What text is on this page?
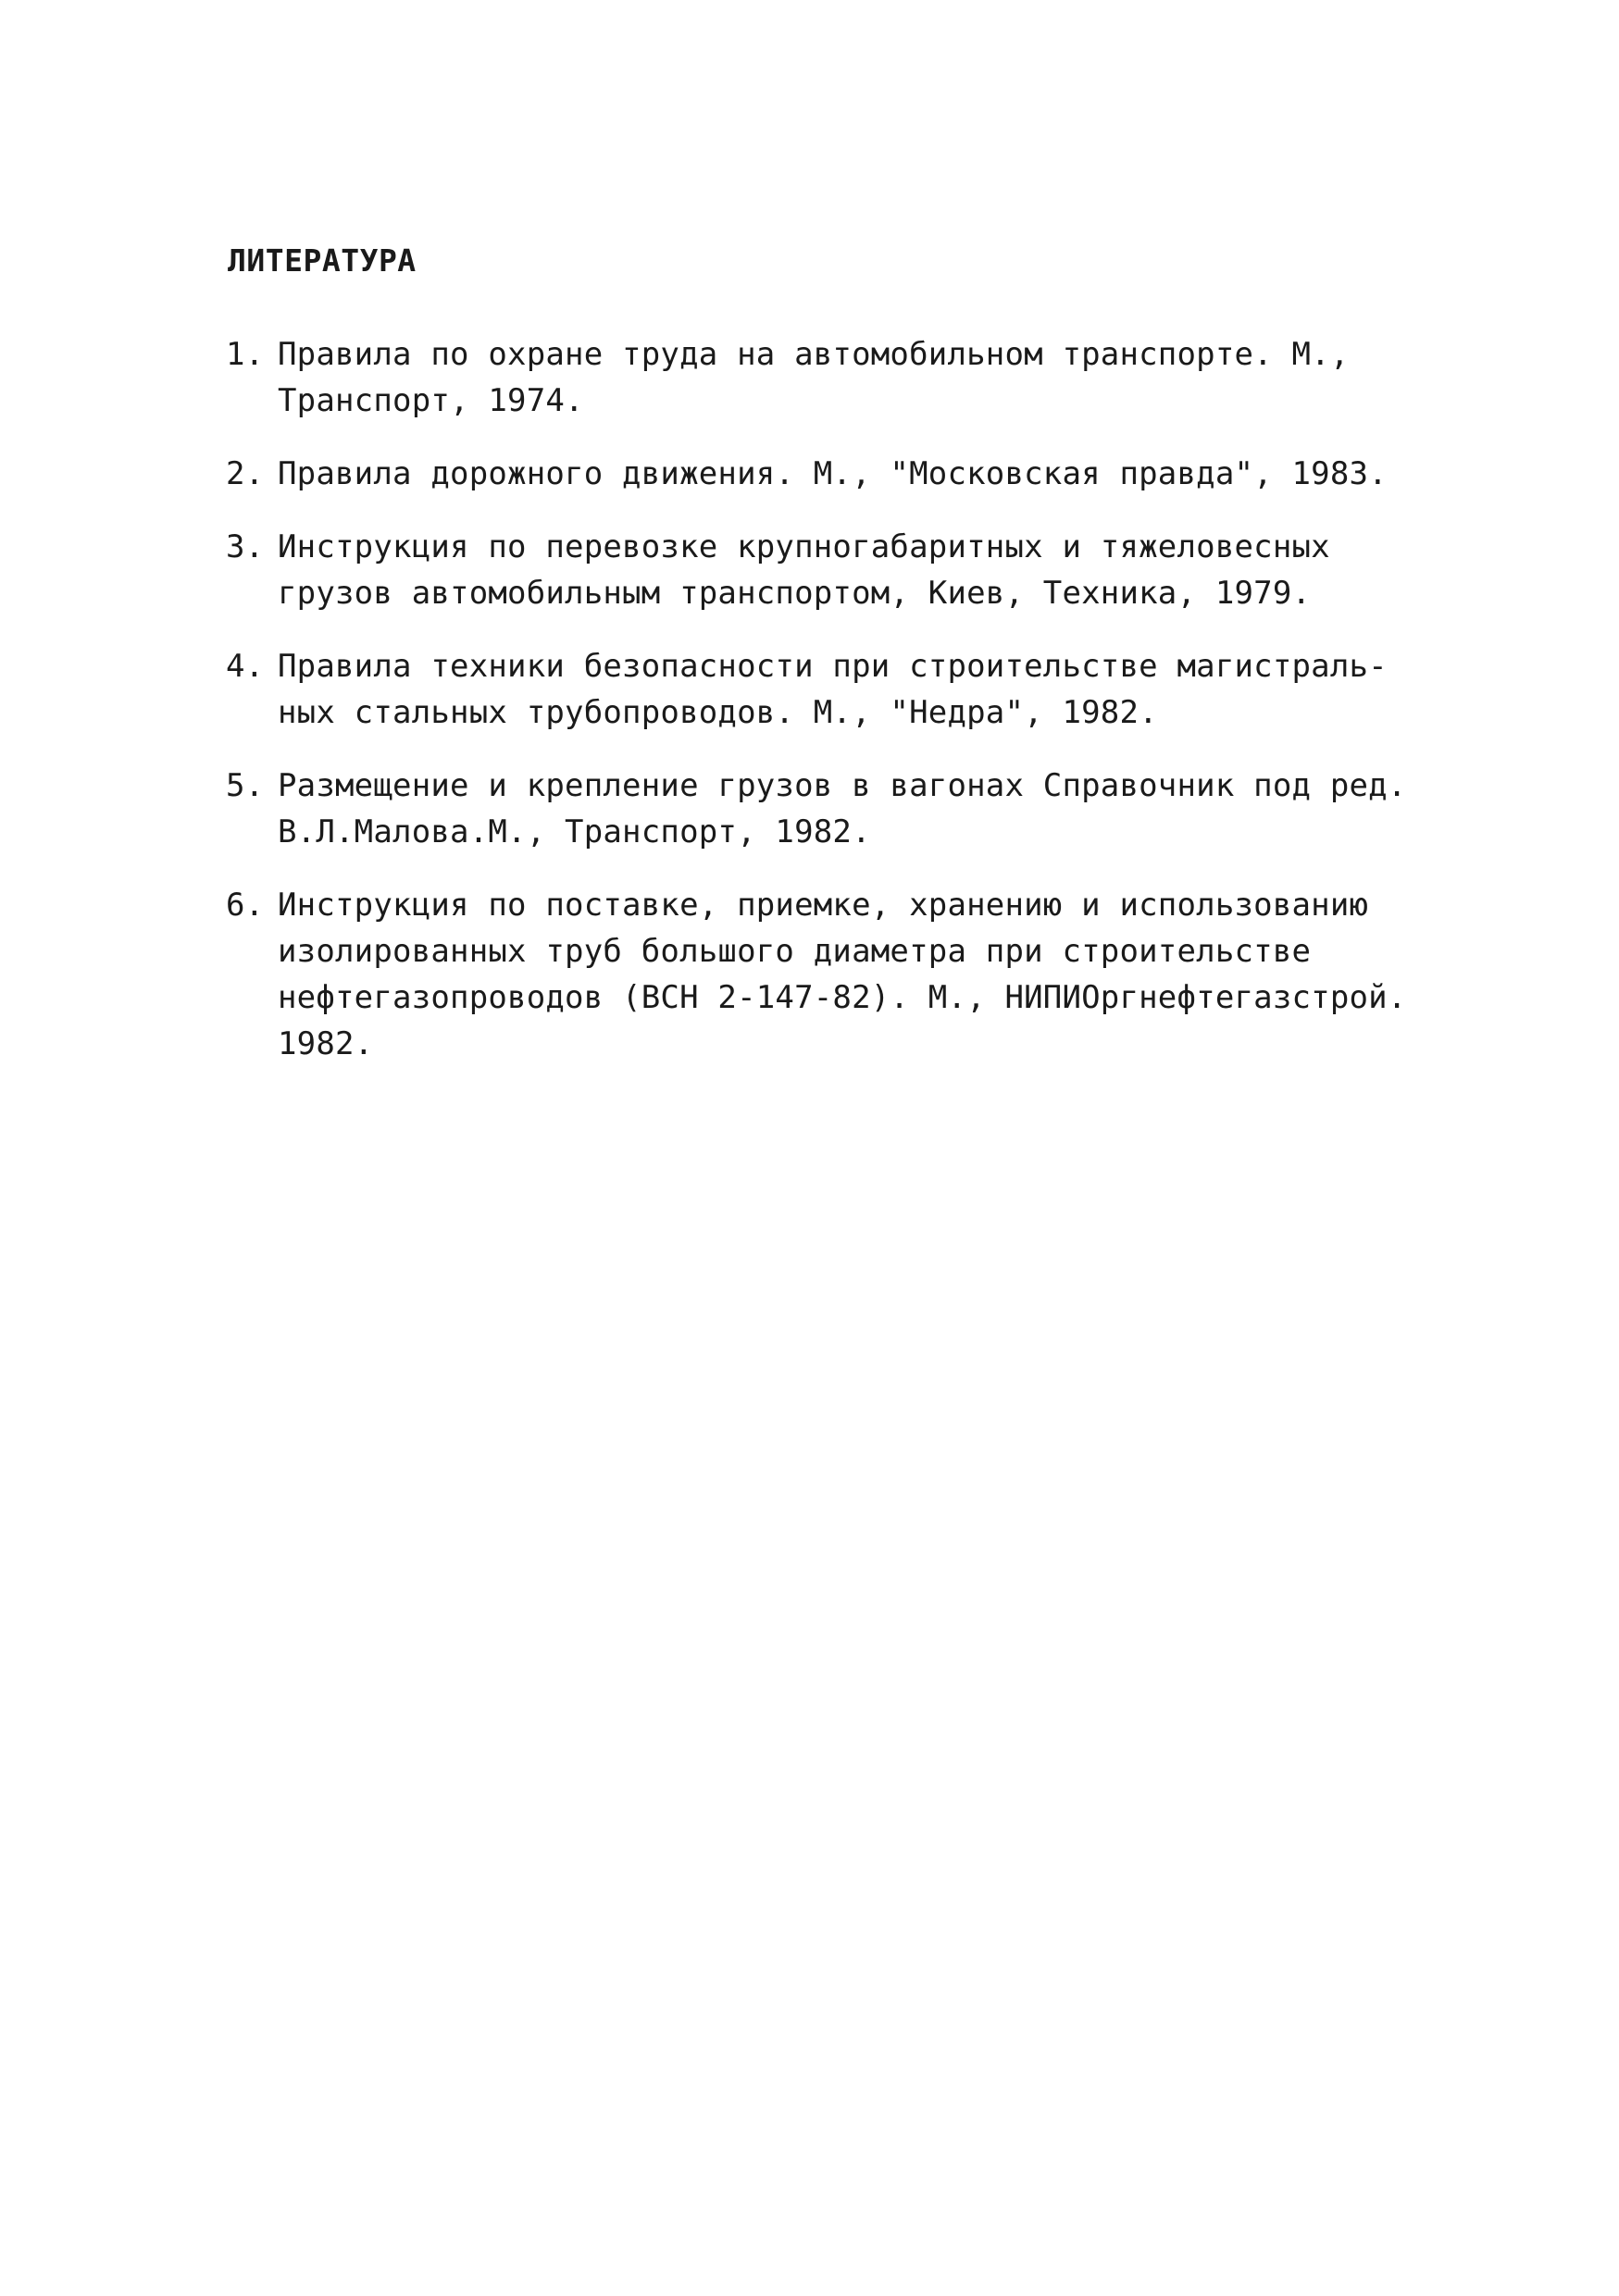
ЛИТЕРАТУРА
1. Правила по охране труда на автомобильном транспорте. М.,
Транспорт, 1974.
2. Правила дорожного движения. М., "Московская правда", 1983.
3. Инструкция по перевозке крупногабаритных и тяжеловесных
грузов автомобильным транспортом, Киев, Техника, 1979.
4. Правила техники безопасности при строительстве магистраль-
ных стальных трубопроводов. М., "Недра", 1982.
5. Размещение и крепление грузов в вагонах Справочник под ред.
В.Л.Малова.М., Транспорт, 1982.
6. Инструкция по поставке, приемке, хранению и использованию
изолированных труб большого диаметра при строительстве
нефтегазопроводов (ВСН 2-147-82). М., НИПИОргнефтегазстрой.
1982.
